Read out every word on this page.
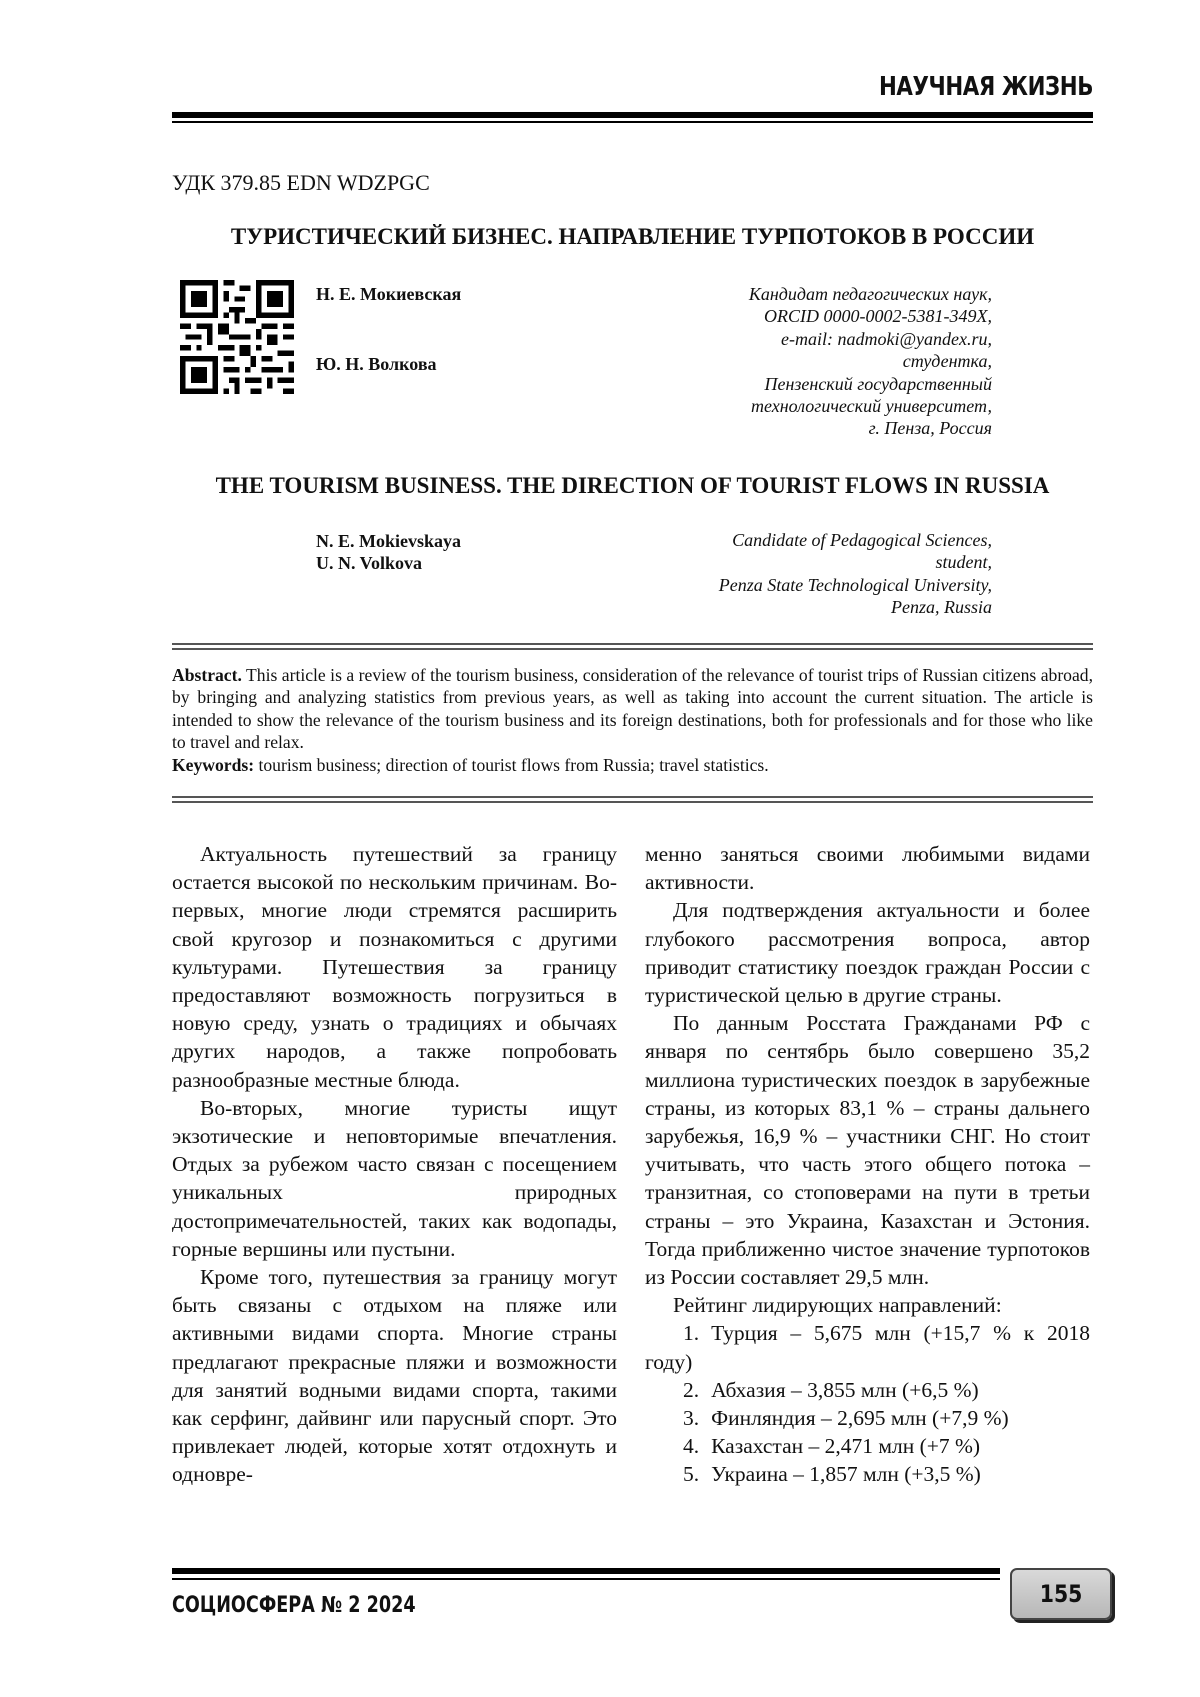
НАУЧНАЯ ЖИЗНЬ
УДК 379.85 EDN WDZPGC
ТУРИСТИЧЕСКИЙ БИЗНЕС. НАПРАВЛЕНИЕ ТУРПОТОКОВ В РОССИИ
Н. Е. Мокиевская
Ю. Н. Волкова
Кандидат педагогических наук,
ORCID 0000-0002-5381-349X,
e-mail: nadmoki@yandex.ru,
студентка,
Пензенский государственный
технологический университет,
г. Пенза, Россия
THE TOURISM BUSINESS. THE DIRECTION OF TOURIST FLOWS IN RUSSIA
N. E. Mokievskaya
U. N. Volkova
Candidate of Pedagogical Sciences,
student,
Penza State Technological University,
Penza, Russia
Abstract. This article is a review of the tourism business, consideration of the relevance of tourist trips of Russian citizens abroad, by bringing and analyzing statistics from previous years, as well as taking into account the current situation. The article is intended to show the relevance of the tourism business and its foreign destinations, both for professionals and for those who like to travel and relax.
Keywords: tourism business; direction of tourist flows from Russia; travel statistics.

Актуальность путешествий за границу остается высокой по нескольким причинам. Во-первых, многие люди стремятся расширить свой кругозор и познакомиться с другими культурами. Путешествия за границу предоставляют возможность погрузиться в новую среду, узнать о традициях и обычаях других народов, а также попробовать разнообразные местные блюда.

Во-вторых, многие туристы ищут экзотические и неповторимые впечатления. Отдых за рубежом часто связан с посещением уникальных природных достопримечательностей, таких как водопады, горные вершины или пустыни.

Кроме того, путешествия за границу могут быть связаны с отдыхом на пляже или активными видами спорта. Многие страны предлагают прекрасные пляжи и возможности для занятий водными видами спорта, такими как серфинг, дайвинг или парусный спорт. Это привлекает людей, которые хотят отдохнуть и одновре-

менно заняться своими любимыми видами активности.

Для подтверждения актуальности и более глубокого рассмотрения вопроса, автор приводит статистику поездок граждан России с туристической целью в другие страны.

По данным Росстата Гражданами РФ с января по сентябрь было совершено 35,2 миллиона туристических поездок в зарубежные страны, из которых 83,1 % – страны дальнего зарубежья, 16,9 % – участники СНГ. Но стоит учитывать, что часть этого общего потока – транзитная, со стоповерами на пути в третьи страны – это Украина, Казахстан и Эстония. Тогда приближенно чистое значение турпотоков из России составляет 29,5 млн.

Рейтинг лидирующих направлений:

1. Турция – 5,675 млн (+15,7 % к 2018 году)
2. Абхазия – 3,855 млн (+6,5 %)
3. Финляндия – 2,695 млн (+7,9 %)
4. Казахстан – 2,471 млн (+7 %)
5. Украина – 1,857 млн (+3,5 %)
СОЦИОСФЕРА № 2 2024	155
